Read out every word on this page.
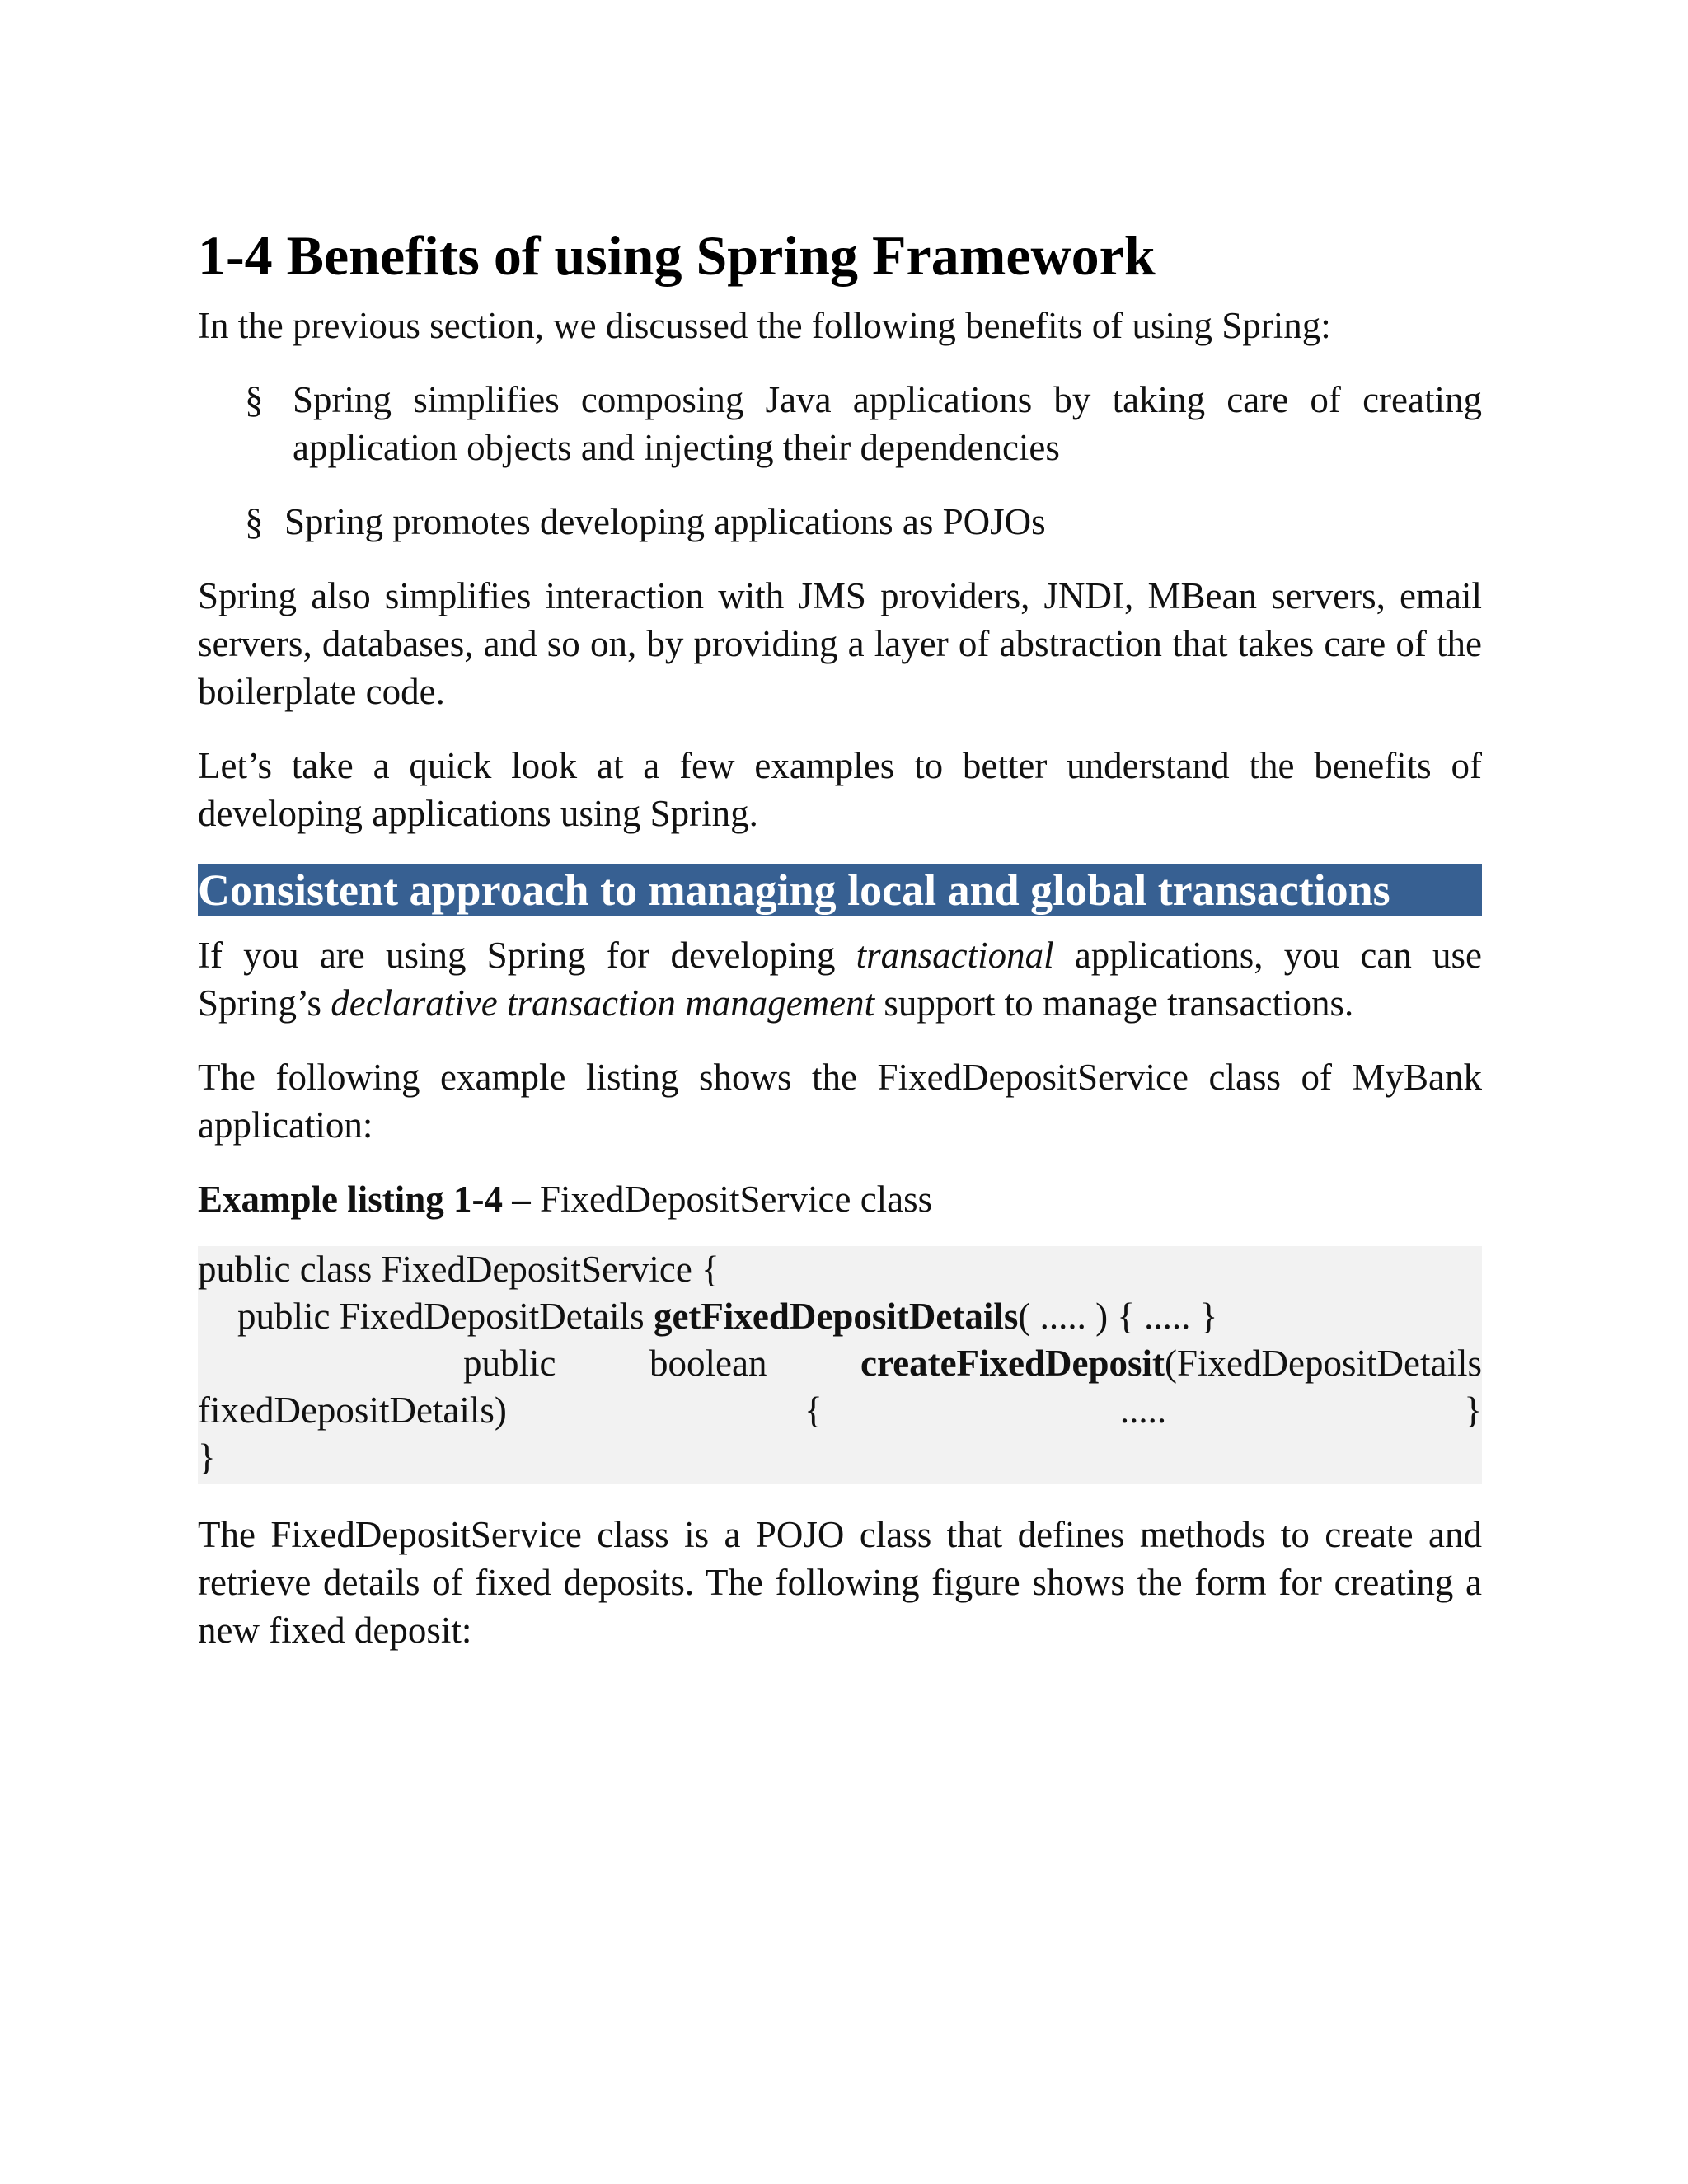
1-4 Benefits of using Spring Framework

In the previous section, we discussed the following benefits of using Spring:

§ Spring simplifies composing Java applications by taking care of creating application objects and injecting their dependencies
§ Spring promotes developing applications as POJOs

Spring also simplifies interaction with JMS providers, JNDI, MBean servers, email servers, databases, and so on, by providing a layer of abstraction that takes care of the boilerplate code.

Let’s take a quick look at a few examples to better understand the benefits of developing applications using Spring.

Consistent approach to managing local and global transactions

If you are using Spring for developing transactional applications, you can use Spring’s declarative transaction management support to manage transactions.

The following example listing shows the FixedDepositService class of MyBank application:

Example listing 1-4 – FixedDepositService class
public class FixedDepositService {
public FixedDepositDetails getFixedDepositDetails( ..... ) { ..... }
public boolean createFixedDeposit(FixedDepositDetails fixedDepositDetails) { ..... }
}

The FixedDepositService class is a POJO class that defines methods to create and retrieve details of fixed deposits. The following figure shows the form for creating a new fixed deposit:
